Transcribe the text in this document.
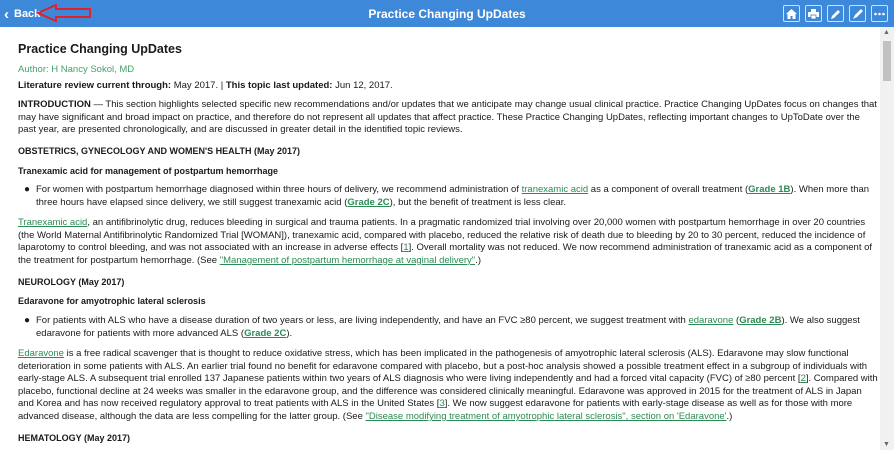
‹ Back	Practice Changing UpDates
Practice Changing UpDates
Author: H Nancy Sokol, MD
Literature review current through: May 2017. | This topic last updated: Jun 12, 2017.

INTRODUCTION — This section highlights selected specific new recommendations and/or updates that we anticipate may change usual clinical practice. Practice Changing UpDates focus on changes that may have significant and broad impact on practice, and therefore do not represent all updates that affect practice. These Practice Changing UpDates, reflecting important changes to UpToDate over the past year, are presented chronologically, and are discussed in greater detail in the identified topic reviews.

OBSTETRICS, GYNECOLOGY AND WOMEN'S HEALTH (May 2017)
Tranexamic acid for management of postpartum hemorrhage

● For women with postpartum hemorrhage diagnosed within three hours of delivery, we recommend administration of tranexamic acid as a component of overall treatment (Grade 1B). When more than three hours have elapsed since delivery, we still suggest tranexamic acid (Grade 2C), but the benefit of treatment is less clear.

Tranexamic acid, an antifibrinolytic drug, reduces bleeding in surgical and trauma patients. In a pragmatic randomized trial involving over 20,000 women with postpartum hemorrhage in over 20 countries (the World Maternal Antifibrinolytic Randomized Trial [WOMAN]), tranexamic acid, compared with placebo, reduced the relative risk of death due to bleeding by 20 to 30 percent, reduced the incidence of laparotomy to control bleeding, and was not associated with an increase in adverse effects [1]. Overall mortality was not reduced. We now recommend administration of tranexamic acid as a component of the treatment for postpartum hemorrhage. (See "Management of postpartum hemorrhage at vaginal delivery".)

NEUROLOGY (May 2017)
Edaravone for amyotrophic lateral sclerosis

● For patients with ALS who have a disease duration of two years or less, are living independently, and have an FVC ≥80 percent, we suggest treatment with edaravone (Grade 2B). We also suggest edaravone for patients with more advanced ALS (Grade 2C).

Edaravone is a free radical scavenger that is thought to reduce oxidative stress, which has been implicated in the pathogenesis of amyotrophic lateral sclerosis (ALS). Edaravone may slow functional deterioration in some patients with ALS. An earlier trial found no benefit for edaravone compared with placebo, but a post-hoc analysis showed a possible treatment effect in a subgroup of individuals with early-stage ALS. A subsequent trial enrolled 137 Japanese patients within two years of ALS diagnosis who were living independently and had a forced vital capacity (FVC) of ≥80 percent [2]. Compared with placebo, functional decline at 24 weeks was smaller in the edaravone group, and the difference was considered clinically meaningful. Edaravone was approved in 2015 for the treatment of ALS in Japan and Korea and has now received regulatory approval to treat patients with ALS in the United States [3]. We now suggest edaravone for patients with early-stage disease as well as for those with more advanced disease, although the data are less compelling for the latter group. (See "Disease modifying treatment of amyotrophic lateral sclerosis", section on 'Edaravone'.)

HEMATOLOGY (May 2017)
▲
▼
